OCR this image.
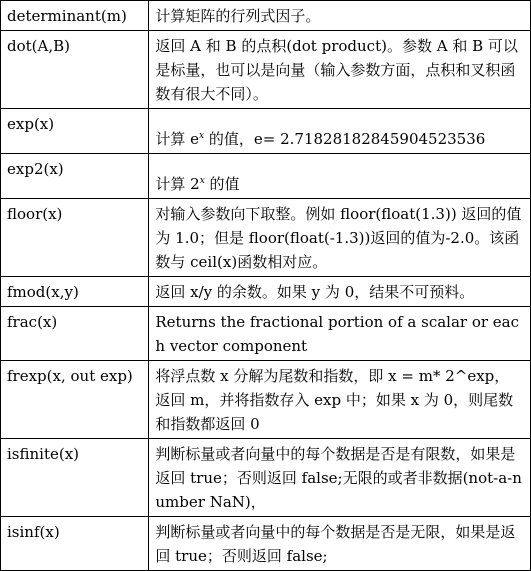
determinant(m)	计算矩阵的行列式因子。
dot(A,B)	返回 A 和 B 的点积(dot product)。参数 A 和 B 可以是标量，也可以是向量（输入参数方面，点积和叉积函数有很大不同）。
exp(x)	计算 $e^x$ 的值，e= 2.71828182845904523536
exp2(x)	计算 2$^x$ 的值
floor(x)	对输入参数向下取整。例如 floor(float(1.3)) 返回的值为 1.0；但是 floor(float(-1.3))返回的值为-2.0。该函数与 ceil(x)函数相对应。
fmod(x,y)	返回 x/y 的余数。如果 y 为 0，结果不可预料。
frac(x)	Returns the fractional portion of a scalar or each vector component
frexp(x, out exp)	将浮点数 x 分解为尾数和指数，即 x = m* 2^exp，返回 m，并将指数存入 exp 中；如果 x 为 0，则尾数和指数都返回 0
isfinite(x)	判断标量或者向量中的每个数据是否是有限数，如果是返回 true；否则返回 false;无限的或者非数据(not-a-number NaN)，
isinf(x)	判断标量或者向量中的每个数据是否是无限，如果是返回 true；否则返回 false;
